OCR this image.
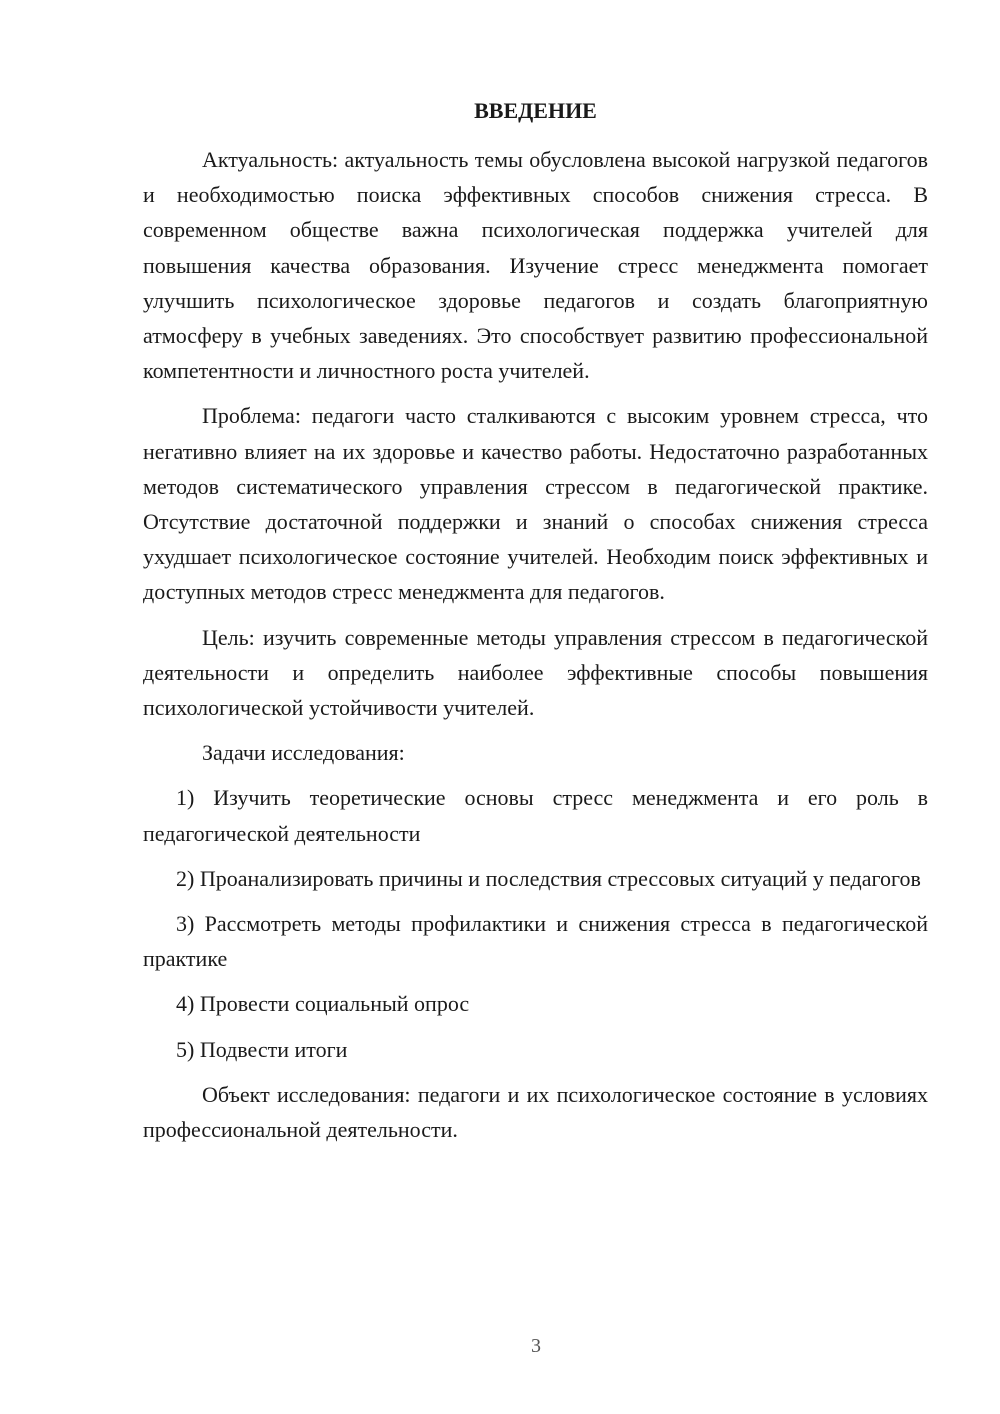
ВВЕДЕНИЕ

Актуальность: актуальность темы обусловлена высокой нагрузкой педагогов и необходимостью поиска эффективных способов снижения стресса. В современном обществе важна психологическая поддержка учителей для повышения качества образования. Изучение стресс менеджмента помогает улучшить психологическое здоровье педагогов и создать благоприятную атмосферу в учебных заведениях. Это способствует развитию профессиональной компетентности и личностного роста учителей.

Проблема: педагоги часто сталкиваются с высоким уровнем стресса, что негативно влияет на их здоровье и качество работы. Недостаточно разработанных методов систематического управления стрессом в педагогической практике. Отсутствие достаточной поддержки и знаний о способах снижения стресса ухудшает психологическое состояние учителей. Необходим поиск эффективных и доступных методов стресс менеджмента для педагогов.

Цель: изучить современные методы управления стрессом в педагогической деятельности и определить наиболее эффективные способы повышения психологической устойчивости учителей.

Задачи исследования:

1) Изучить теоретические основы стресс менеджмента и его роль в педагогической деятельности

2) Проанализировать причины и последствия стрессовых ситуаций у педагогов

3) Рассмотреть методы профилактики и снижения стресса в педагогической практике

4) Провести социальный опрос

5) Подвести итоги

Объект исследования: педагоги и их психологическое состояние в условиях профессиональной деятельности.

3
